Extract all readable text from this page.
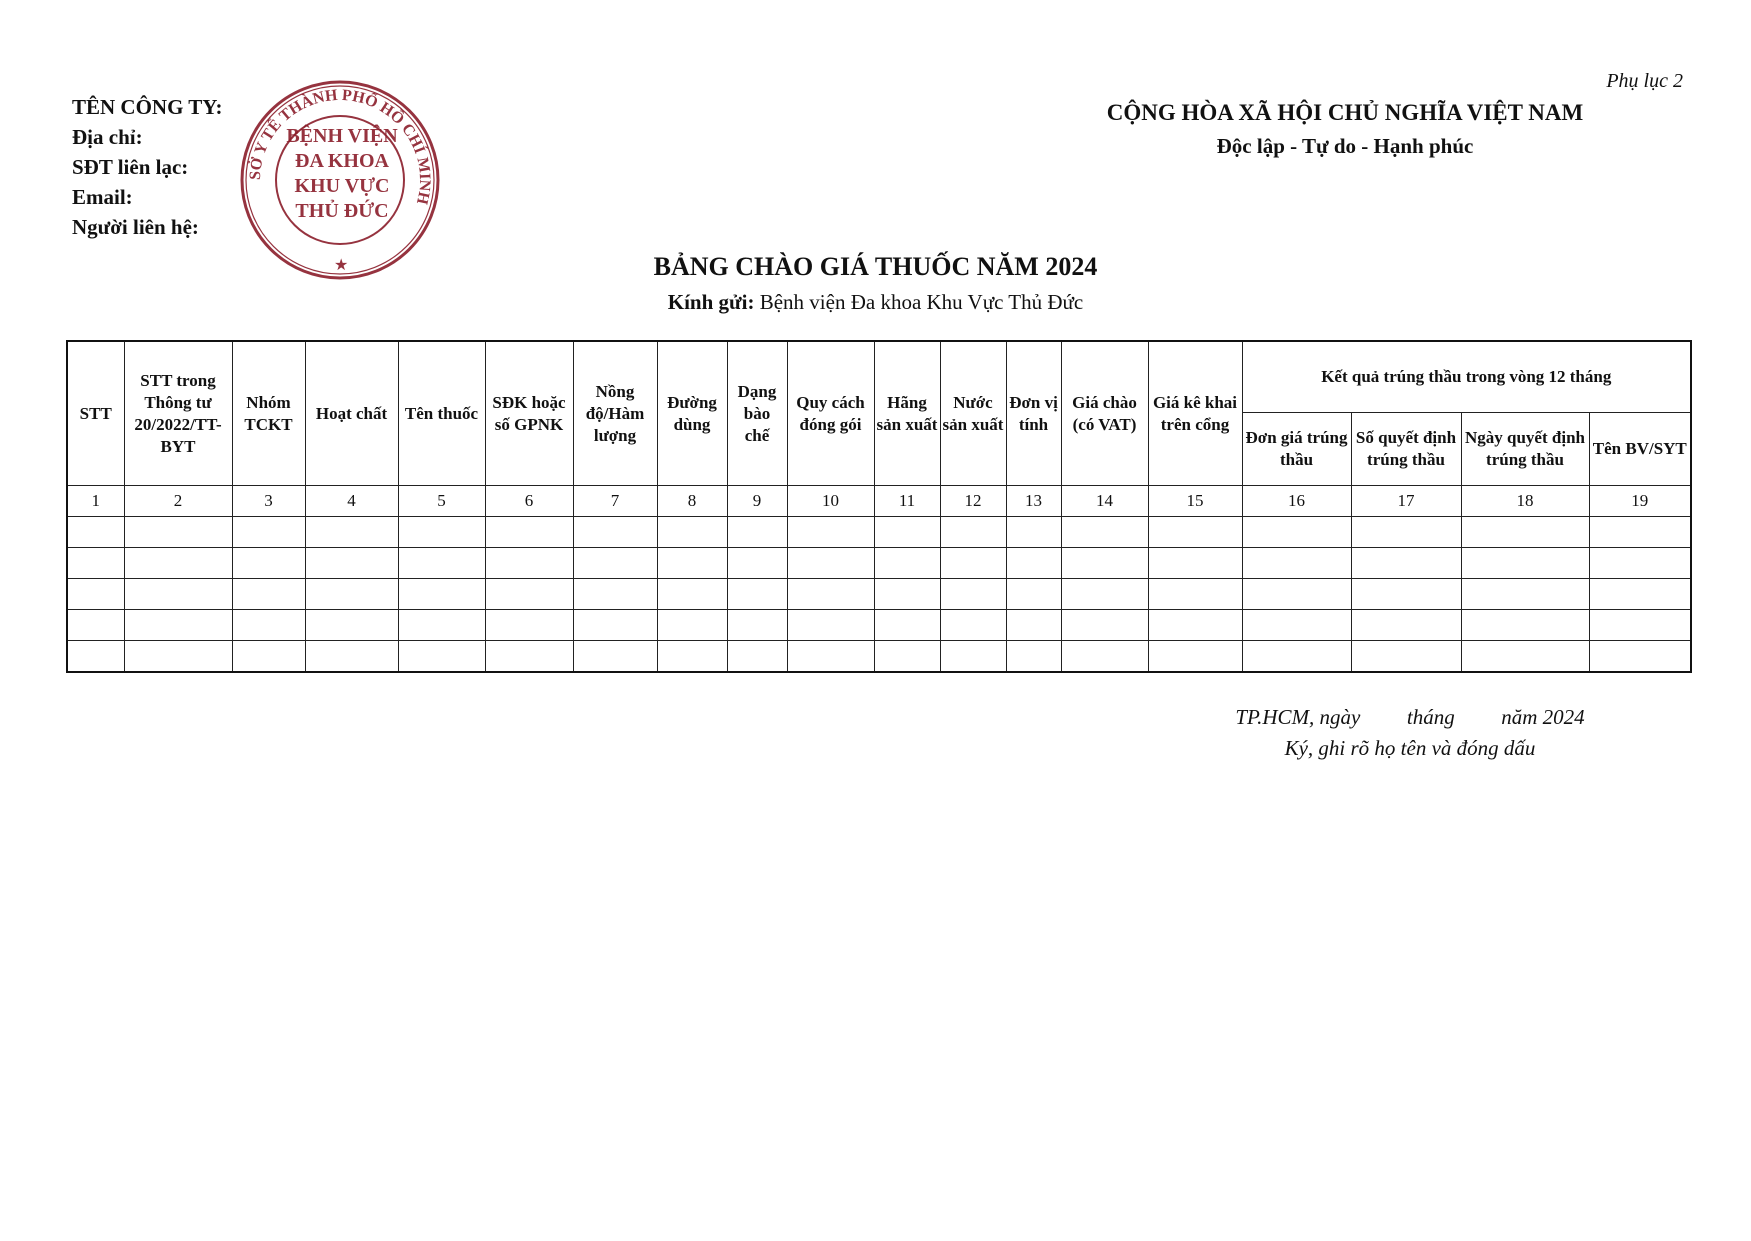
Phụ lục 2
TÊN CÔNG TY:
Địa chỉ:
SĐT liên lạc:
Email:
Người liên hệ:
SỞ Y TẾ THÀNH PHỐ HỒ CHÍ MINH
★
BỆNH VIỆN
ĐA KHOA
KHU VỰC
THỦ ĐỨC
CỘNG HÒA XÃ HỘI CHỦ NGHĨA VIỆT NAM
Độc lập - Tự do - Hạnh phúc
BẢNG CHÀO GIÁ THUỐC NĂM 2024
Kính gửi: Bệnh viện Đa khoa Khu Vực Thủ Đức
STT	STT trong Thông tư 20/2022/TT-BYT	Nhóm TCKT	Hoạt chất	Tên thuốc	SĐK hoặc số GPNK	Nồng độ/Hàm lượng	Đường dùng	Dạng bào chế	Quy cách đóng gói	Hãng sản xuất	Nước sản xuất	Đơn vị tính	Giá chào (có VAT)	Giá kê khai trên cổng	Kết quả trúng thầu trong vòng 12 tháng			
															Đơn giá trúng thầu	Số quyết định trúng thầu	Ngày quyết định trúng thầu	Tên BV/SYT
1	2	3	4	5	6	7	8	9	10	11	12	13	14	15	16	17	18	19

TP.HCM, ngày tháng năm 2024
Ký, ghi rõ họ tên và đóng dấu
